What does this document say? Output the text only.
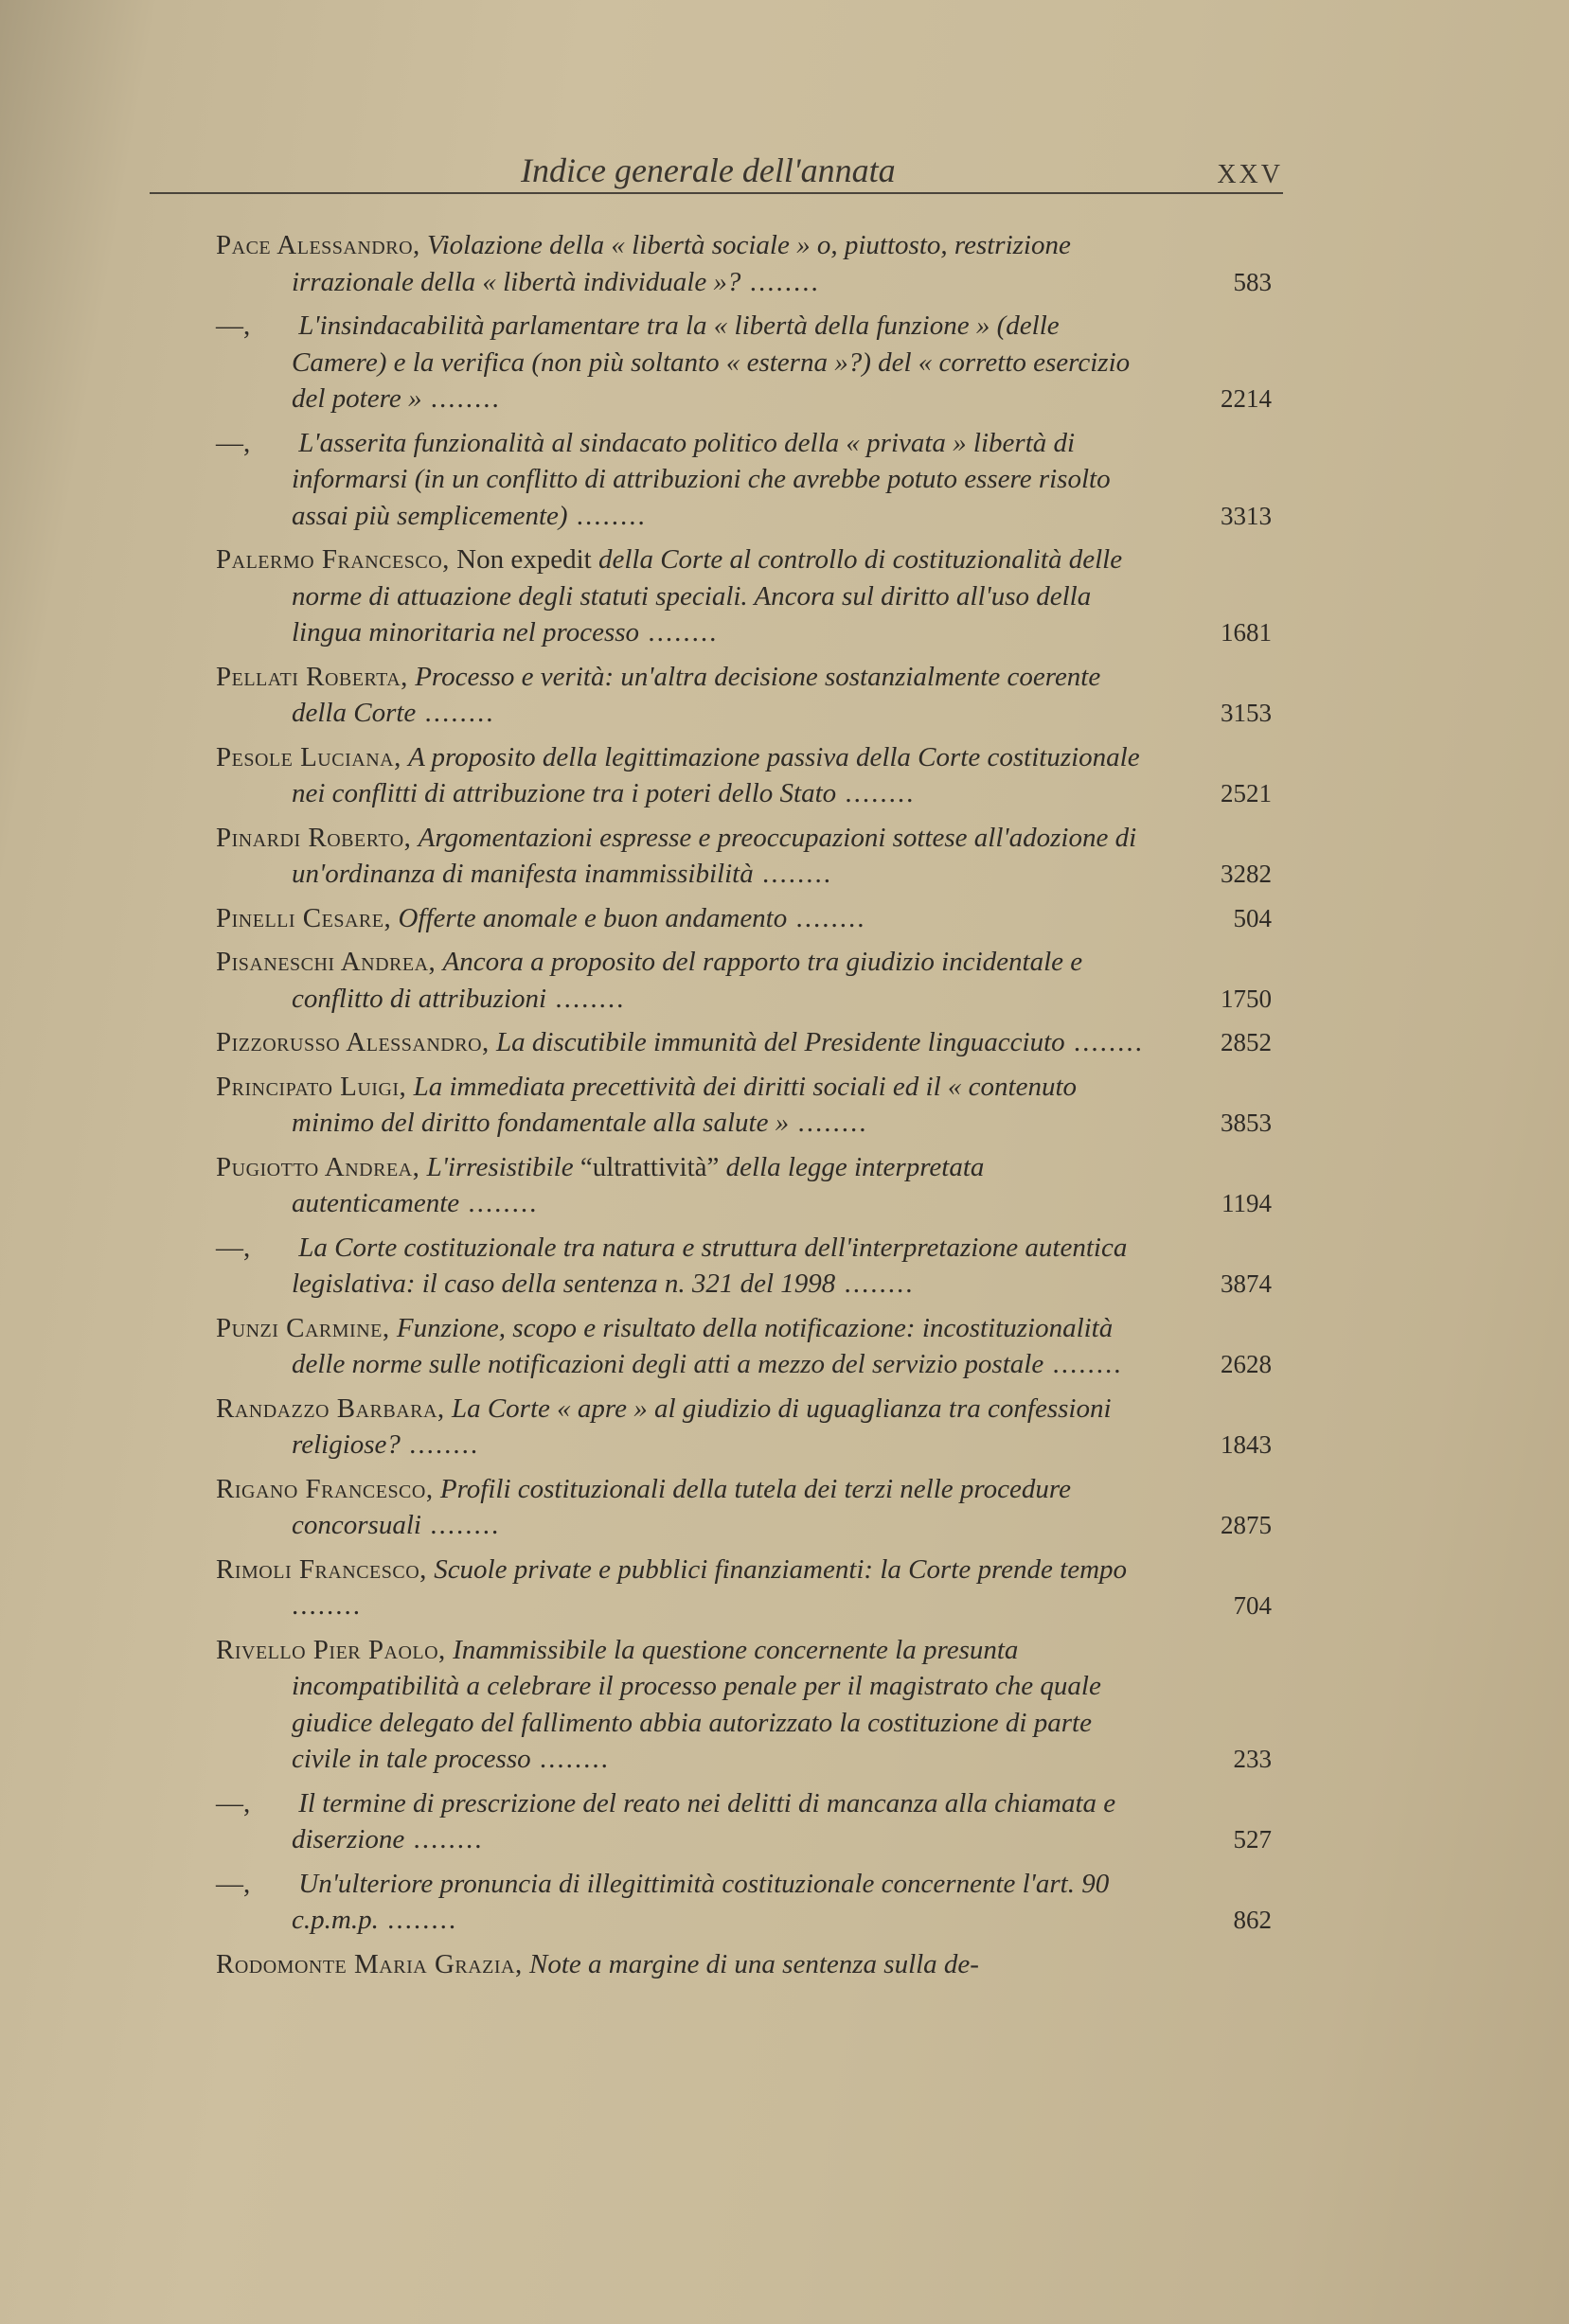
Indice generale dell'annata	XXV
Pace Alessandro, Violazione della « libertà sociale » o, piuttosto, restrizione irrazionale della « libertà individuale »? ........	583
—, L'insindacabilità parlamentare tra la « libertà della funzione » (delle Camere) e la verifica (non più soltanto « esterna »?) del « corretto esercizio del potere » ........	2214
—, L'asserita funzionalità al sindacato politico della « privata » libertà di informarsi (in un conflitto di attribuzioni che avrebbe potuto essere risolto assai più semplicemente) ........	3313
Palermo Francesco, Non expedit della Corte al controllo di costituzionalità delle norme di attuazione degli statuti speciali. Ancora sul diritto all'uso della lingua minoritaria nel processo ........	1681
Pellati Roberta, Processo e verità: un'altra decisione sostanzialmente coerente della Corte ........	3153
Pesole Luciana, A proposito della legittimazione passiva della Corte costituzionale nei conflitti di attribuzione tra i poteri dello Stato ........	2521
Pinardi Roberto, Argomentazioni espresse e preoccupazioni sottese all'adozione di un'ordinanza di manifesta inammissibilità ........	3282
Pinelli Cesare, Offerte anomale e buon andamento ........	504
Pisaneschi Andrea, Ancora a proposito del rapporto tra giudizio incidentale e conflitto di attribuzioni ........	1750
Pizzorusso Alessandro, La discutibile immunità del Presidente linguacciuto ........	2852
Principato Luigi, La immediata precettività dei diritti sociali ed il « contenuto minimo del diritto fondamentale alla salute » ........	3853
Pugiotto Andrea, L'irresistibile “ultrattività” della legge interpretata autenticamente ........	1194
—, La Corte costituzionale tra natura e struttura dell'interpretazione autentica legislativa: il caso della sentenza n. 321 del 1998 ........	3874
Punzi Carmine, Funzione, scopo e risultato della notificazione: incostituzionalità delle norme sulle notificazioni degli atti a mezzo del servizio postale ........	2628
Randazzo Barbara, La Corte « apre » al giudizio di uguaglianza tra confessioni religiose? ........	1843
Rigano Francesco, Profili costituzionali della tutela dei terzi nelle procedure concorsuali ........	2875
Rimoli Francesco, Scuole private e pubblici finanziamenti: la Corte prende tempo ........	704
Rivello Pier Paolo, Inammissibile la questione concernente la presunta incompatibilità a celebrare il processo penale per il magistrato che quale giudice delegato del fallimento abbia autorizzato la costituzione di parte civile in tale processo ........	233
—, Il termine di prescrizione del reato nei delitti di mancanza alla chiamata e diserzione ........	527
—, Un'ulteriore pronuncia di illegittimità costituzionale concernente l'art. 90 c.p.m.p. ........	862
Rodomonte Maria Grazia, Note a margine di una sentenza sulla de-
